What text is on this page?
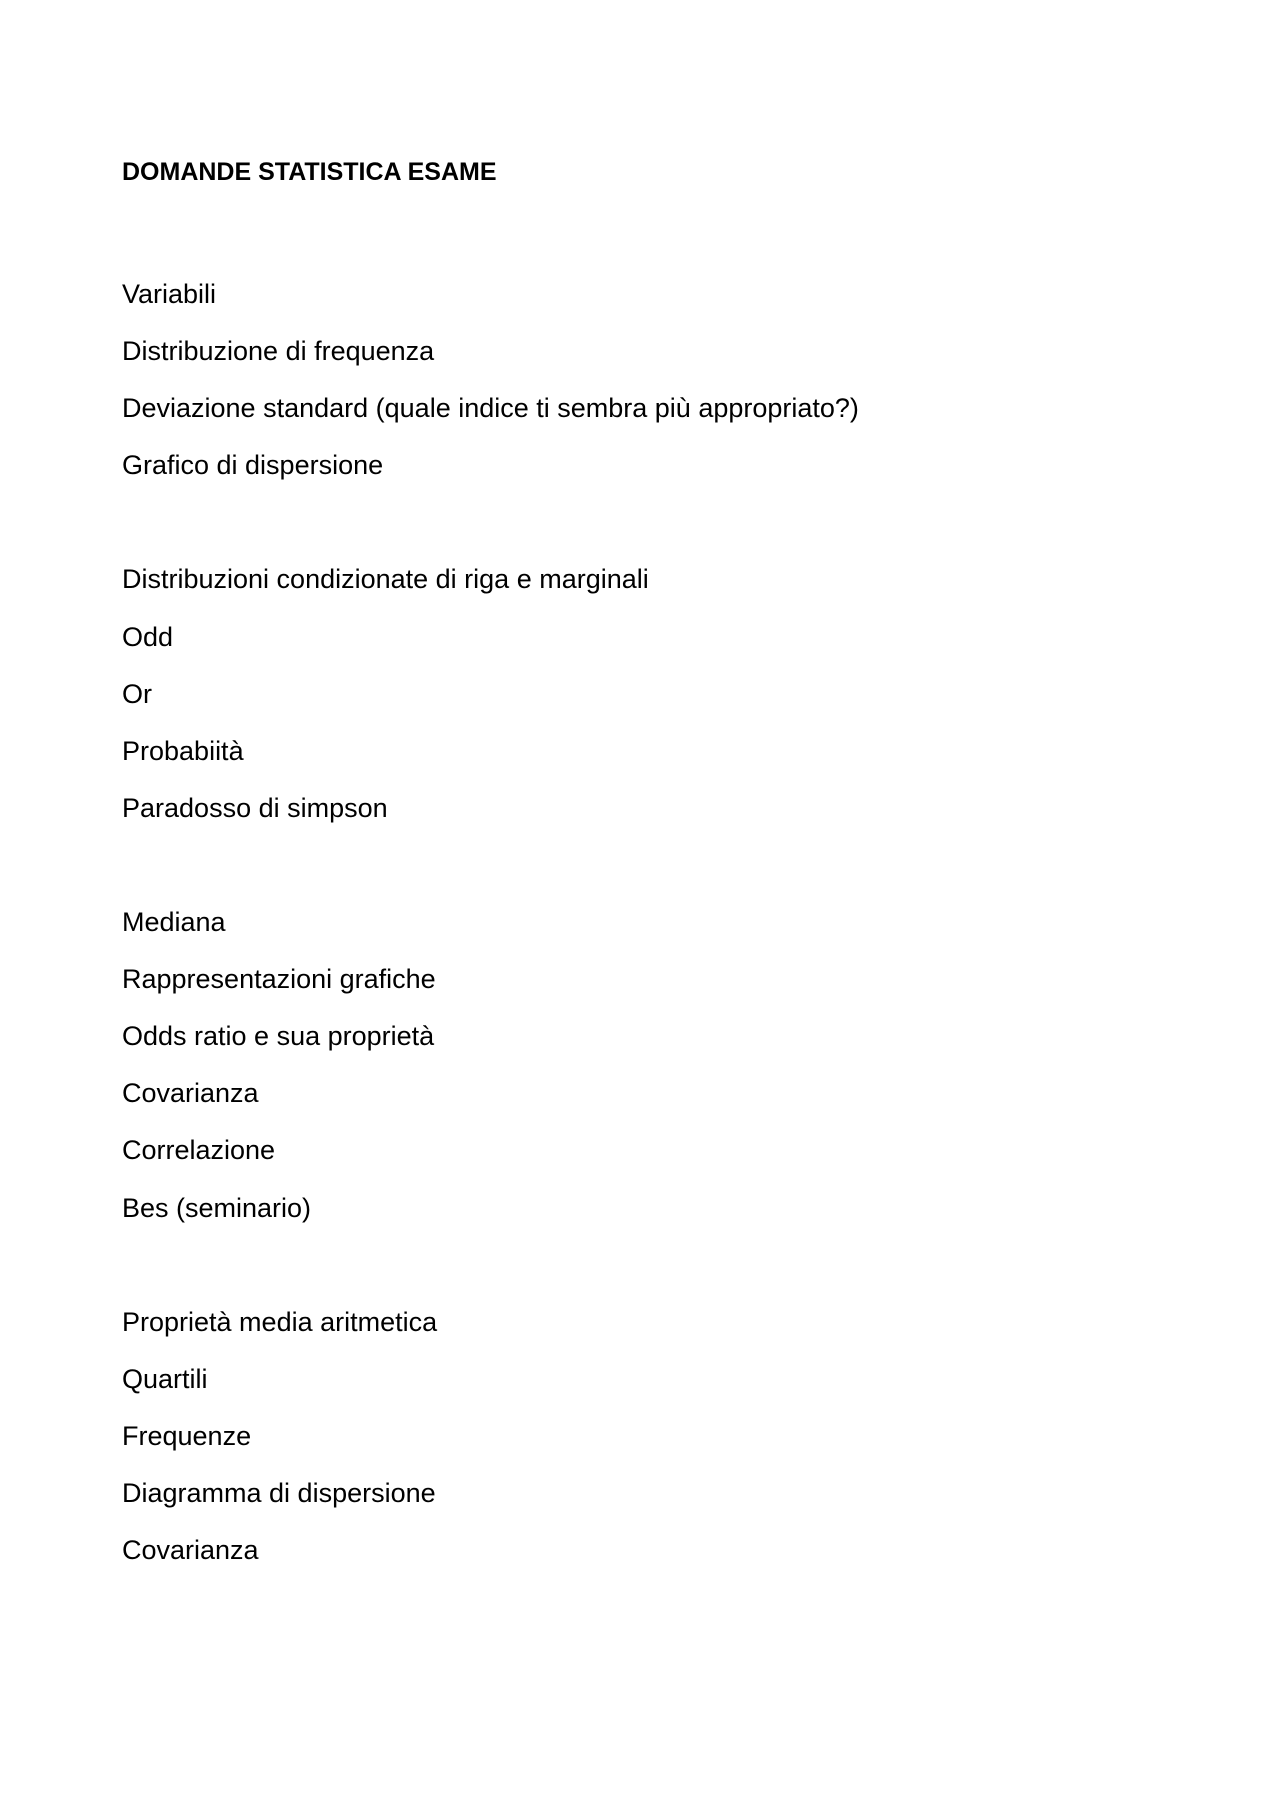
DOMANDE STATISTICA ESAME
Variabili
Distribuzione di frequenza
Deviazione standard (quale indice ti sembra più appropriato?)
Grafico di dispersione
Distribuzioni condizionate di riga e marginali
Odd
Or
Probabiità
Paradosso di simpson
Mediana
Rappresentazioni grafiche
Odds ratio e sua proprietà
Covarianza
Correlazione
Bes (seminario)
Proprietà media aritmetica
Quartili
Frequenze
Diagramma di dispersione
Covarianza
